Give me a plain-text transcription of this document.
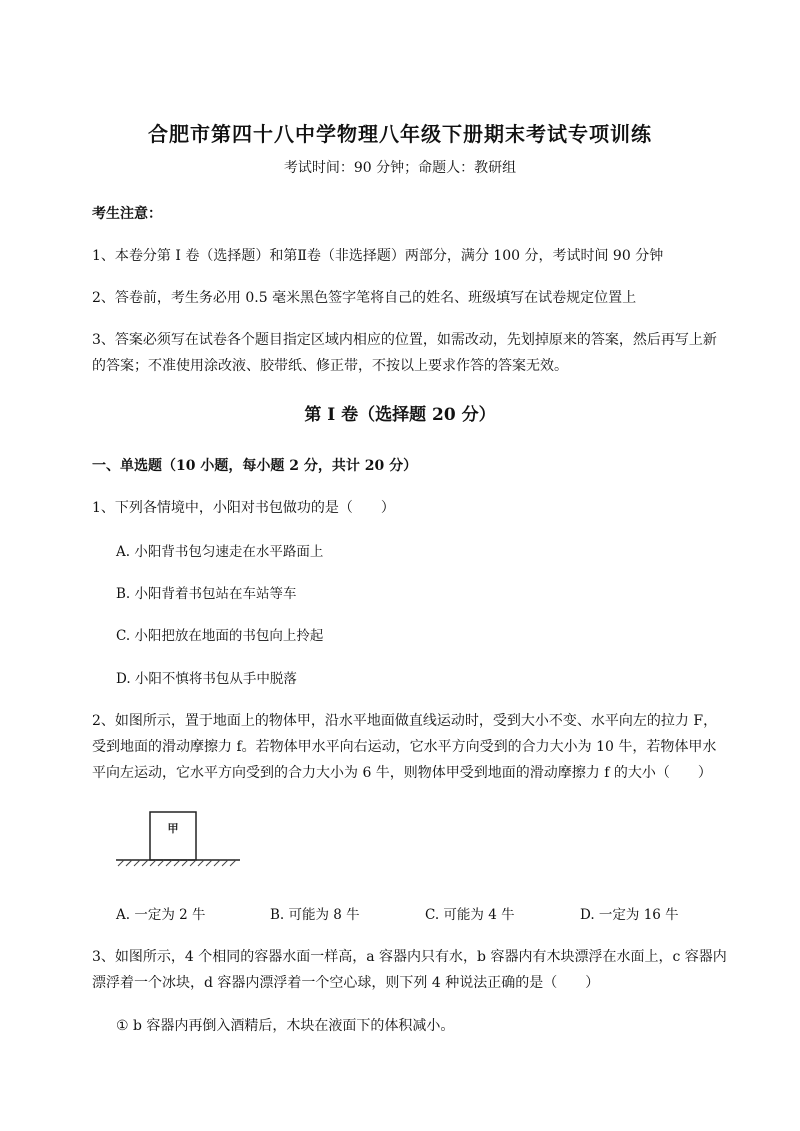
合肥市第四十八中学物理八年级下册期末考试专项训练
考试时间：90 分钟；命题人：教研组
考生注意：
1、本卷分第 I 卷（选择题）和第Ⅱ卷（非选择题）两部分，满分 100 分，考试时间 90 分钟
2、答卷前，考生务必用 0.5 毫米黑色签字笔将自己的姓名、班级填写在试卷规定位置上
3、答案必须写在试卷各个题目指定区域内相应的位置，如需改动，先划掉原来的答案，然后再写上新
的答案；不准使用涂改液、胶带纸、修正带，不按以上要求作答的答案无效。
第 I 卷（选择题 20 分）
一、单选题（10 小题，每小题 2 分，共计 20 分）
1、下列各情境中，小阳对书包做功的是（　　）
A. 小阳背书包匀速走在水平路面上
B. 小阳背着书包站在车站等车
C. 小阳把放在地面的书包向上拎起
D. 小阳不慎将书包从手中脱落
2、如图所示，置于地面上的物体甲，沿水平地面做直线运动时，受到大小不变、水平向左的拉力 F，
受到地面的滑动摩擦力 f。若物体甲水平向右运动，它水平方向受到的合力大小为 10 牛，若物体甲水
平向左运动，它水平方向受到的合力大小为 6 牛，则物体甲受到地面的滑动摩擦力 f 的大小（　　）
甲
A. 一定为 2 牛	B. 可能为 8 牛	C. 可能为 4 牛	D. 一定为 16 牛
3、如图所示，4 个相同的容器水面一样高，a 容器内只有水，b 容器内有木块漂浮在水面上，c 容器内
漂浮着一个冰块，d 容器内漂浮着一个空心球，则下列 4 种说法正确的是（　　）
① b 容器内再倒入酒精后，木块在液面下的体积减小。
